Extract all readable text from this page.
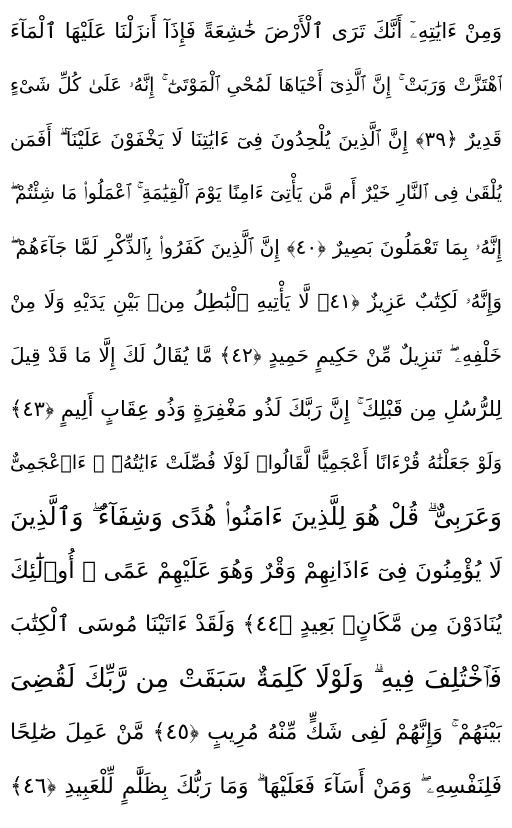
وَمِنْ ءَايَٰتِهِۦٓ أَنَّكَ تَرَى ٱلْأَرْضَ خَٰشِعَةً فَإِذَآ أَنزَلْنَا عَلَيْهَا ٱلْمَآءَ
ٱهْتَزَّتْ وَرَبَتْ ۚ إِنَّ ٱلَّذِىٓ أَحْيَاهَا لَمُحْىِ ٱلْمَوْتَىٰٓ ۚ إِنَّهُۥ عَلَىٰ كُلِّ شَىْءٍ
قَدِيرٌ ﴿٣٩﴾ إِنَّ ٱلَّذِينَ يُلْحِدُونَ فِىٓ ءَايَٰتِنَا لَا يَخْفَوْنَ عَلَيْنَآ ۗ أَفَمَن
يُلْقَىٰ فِى ٱلنَّارِ خَيْرٌ أَم مَّن يَأْتِىٓ ءَامِنًا يَوْمَ ٱلْقِيَٰمَةِ ۚ ٱعْمَلُوا۟ مَا شِئْتُمْ ۖ
إِنَّهُۥ بِمَا تَعْمَلُونَ بَصِيرٌ ﴿٤٠﴾ إِنَّ ٱلَّذِينَ كَفَرُوا۟ بِٱلذِّكْرِ لَمَّا جَآءَهُمْ ۖ
وَإِنَّهُۥ لَكِتَٰبٌ عَزِيزٌ ﴿٤١﴾ لَّا يَأْتِيهِ ٱلْبَٰطِلُ مِنۢ بَيْنِ يَدَيْهِ وَلَا مِنْ
خَلْفِهِۦ ۖ تَنزِيلٌ مِّنْ حَكِيمٍ حَمِيدٍ ﴿٤٢﴾ مَّا يُقَالُ لَكَ إِلَّا مَا قَدْ قِيلَ
لِلرُّسُلِ مِن قَبْلِكَ ۚ إِنَّ رَبَّكَ لَذُو مَغْفِرَةٍ وَذُو عِقَابٍ أَلِيمٍ ﴿٤٣﴾
وَلَوْ جَعَلْنَٰهُ قُرْءَانًا أَعْجَمِيًّا لَّقَالُوا۟ لَوْلَا فُصِّلَتْ ءَايَٰتُهُۥٓ ۖ ءَا۬عْجَمِىٌّ
وَعَرَبِىٌّ ۗ قُلْ هُوَ لِلَّذِينَ ءَامَنُوا۟ هُدًى وَشِفَآءٌ ۖ وَٱلَّذِينَ
لَا يُؤْمِنُونَ فِىٓ ءَاذَانِهِمْ وَقْرٌ وَهُوَ عَلَيْهِمْ عَمًى ۚ أُو۟لَٰٓئِكَ
يُنَادَوْنَ مِن مَّكَانٍۭ بَعِيدٍ ﴿٤٤﴾ وَلَقَدْ ءَاتَيْنَا مُوسَى ٱلْكِتَٰبَ
فَٱخْتُلِفَ فِيهِ ۗ وَلَوْلَا كَلِمَةٌ سَبَقَتْ مِن رَّبِّكَ لَقُضِىَ
بَيْنَهُمْ ۚ وَإِنَّهُمْ لَفِى شَكٍّ مِّنْهُ مُرِيبٍ ﴿٤٥﴾ مَّنْ عَمِلَ صَٰلِحًا
فَلِنَفْسِهِۦ ۖ وَمَنْ أَسَآءَ فَعَلَيْهَا ۗ وَمَا رَبُّكَ بِظَلَّٰمٍ لِّلْعَبِيدِ ﴿٤٦﴾
